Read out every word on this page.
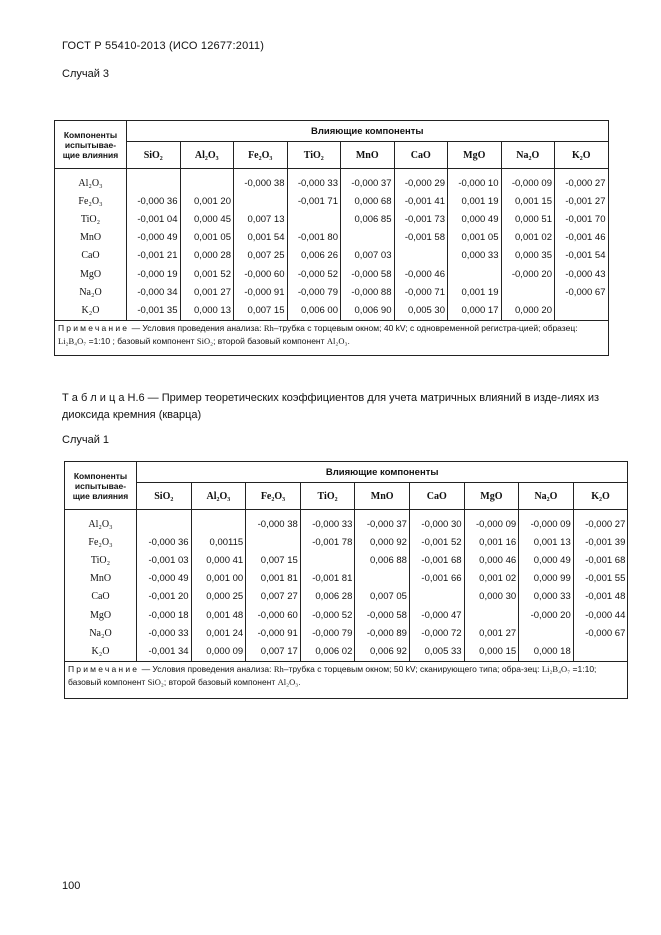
ГОСТ Р 55410-2013 (ИСО 12677:2011)
Случай 3
Компоненты испытывае-щие влияния	Влияющие компоненты								
	SiO₂	Al₂O₃	Fe₂O₃	TiO₂	MnO	CaO	MgO	Na₂O	K₂O

Al₂O₃			-0,000 38	-0,000 33	-0,000 37	-0,000 29	-0,000 10	-0,000 09	-0,000 27
Fe₂O₃	-0,000 36	0,001 20		-0,001 71	0,000 68	-0,001 41	0,001 19	0,001 15	-0,001 27
TiO₂	-0,001 04	0,000 45	0,007 13		0,006 85	-0,001 73	0,000 49	0,000 51	-0,001 70
MnO	-0,000 49	0,001 05	0,001 54	-0,001 80		-0,001 58	0,001 05	0,001 02	-0,001 46
CaO	-0,001 21	0,000 28	0,007 25	0,006 26	0,007 03		0,000 33	0,000 35	-0,001 54
MgO	-0,000 19	0,001 52	-0,000 60	-0,000 52	-0,000 58	-0,000 46		-0,000 20	-0,000 43
Na₂O	-0,000 34	0,001 27	-0,000 91	-0,000 79	-0,000 88	-0,000 71	0,001 19		-0,000 67
K₂O	-0,001 35	0,000 13	0,007 15	0,006 00	0,006 90	0,005 30	0,000 17	0,000 20	
Примечание — Условия проведения анализа: Rh–трубка с торцевым окном; 40 kV; с одновременной регистра-цией; образец: Li₂B₄O₇ =1:10 ; базовый компонент SiO₂; второй базовый компонент Al₂O₃.									
Т а б л и ц а Н.6 — Пример теоретических коэффициентов для учета матричных влияний в изде-лиях из диоксида кремния (кварца)
Случай 1
Компоненты испытывае-щие влияния	Влияющие компоненты								
	SiO₂	Al₂O₃	Fe₂O₃	TiO₂	MnO	CaO	MgO	Na₂O	K₂O

Al₂O₃			-0,000 38	-0,000 33	-0,000 37	-0,000 30	-0,000 09	-0,000 09	-0,000 27
Fe₂O₃	-0,000 36	0,00115		-0,001 78	0,000 92	-0,001 52	0,001 16	0,001 13	-0,001 39
TiO₂	-0,001 03	0,000 41	0,007 15		0,006 88	-0,001 68	0,000 46	0,000 49	-0,001 68
MnO	-0,000 49	0,001 00	0,001 81	-0,001 81		-0,001 66	0,001 02	0,000 99	-0,001 55
CaO	-0,001 20	0,000 25	0,007 27	0,006 28	0,007 05		0,000 30	0,000 33	-0,001 48
MgO	-0,000 18	0,001 48	-0,000 60	-0,000 52	-0,000 58	-0,000 47		-0,000 20	-0,000 44
Na₂O	-0,000 33	0,001 24	-0,000 91	-0,000 79	-0,000 89	-0,000 72	0,001 27		-0,000 67
K₂O	-0,001 34	0,000 09	0,007 17	0,006 02	0,006 92	0,005 33	0,000 15	0,000 18	
Примечание — Условия проведения анализа: Rh–трубка с торцевым окном; 50 kV; сканирующего типа; обра-зец: Li₂B₄O₇ =1:10; базовый компонент SiO₂; второй базовый компонент Al₂O₃.									
100
